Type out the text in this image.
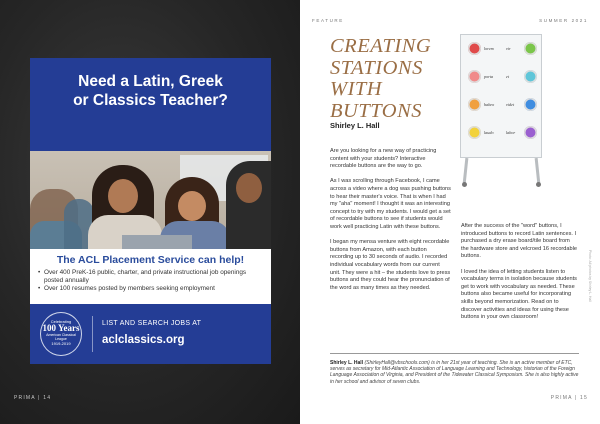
Need a Latin, Greek
or Classics Teacher?
The ACL Placement Service can help!
• Over 400 PreK-16 public, charter, and private instructional job openings posted annually
• Over 100 resumes posted by members seeking employment
Celebrating
100 Years
American Classical League
1919-2019
LIST AND SEARCH JOBS AT
aclclassics.org
PRIMA | 14
FEATURE	SUMMER 2021
CREATING
STATIONS
WITH
BUTTONS
Shirley L. Hall
lorem	vir
porta	et
habeo	videt
laudo	labor

Are you looking for a new way of practicing content with your students? Interactive recordable buttons are the way to go.

As I was scrolling through Facebook, I came across a video where a dog was pushing buttons to hear their master's voice. That is when I had my "aha" moment! I thought it was an interesting concept to try with my students. I would get a set of recordable buttons to see if students would work well practicing Latin with these buttons.

I began my mensa venture with eight recordable buttons from Amazon, with each button recording up to 30 seconds of audio. I recorded individual vocabulary words from our current unit. They were a hit – the students love to press buttons and they could hear the pronunciation of the word as many times as they needed.

After the success of the "word" buttons, I introduced buttons to record Latin sentences. I purchased a dry erase board/tile board from the hardware store and velcroed 16 recordable buttons.

I loved the idea of letting students listen to vocabulary terms in isolation because students get to work with vocabulary as needed. These buttons also became useful for incorporating skills beyond memorization. Read on to discover activities and ideas for using these buttons in your own classroom!

Photo: All photos by Shirley L. Hall
Shirley L. Hall (ShirleyHall@vbschools.com) is in her 21st year of teaching. She is an active member of ETC, serves as secretary for Mid-Atlantic Association of Language Learning and Technology, historian of the Foreign Language Association of Virginia, and President of the Tidewater Classical Symposium. She is also highly active in her school and advisor of seven clubs.
PRIMA | 15
